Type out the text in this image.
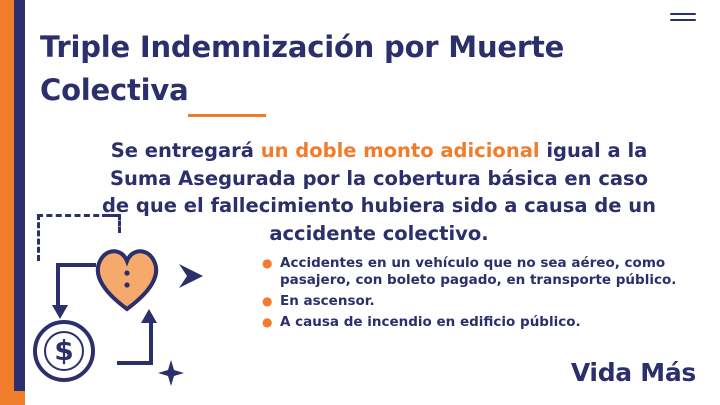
Triple Indemnización por Muerte Colectiva
Se entregará un doble monto adicional igual a la Suma Asegurada por la cobertura básica en caso de que el fallecimiento hubiera sido a causa de un accidente colectivo.
● Accidentes en un vehículo que no sea aéreo, como pasajero, con boleto pagado, en transporte público.
● En ascensor.
● A causa de incendio en edificio público.
Vida Más
$
